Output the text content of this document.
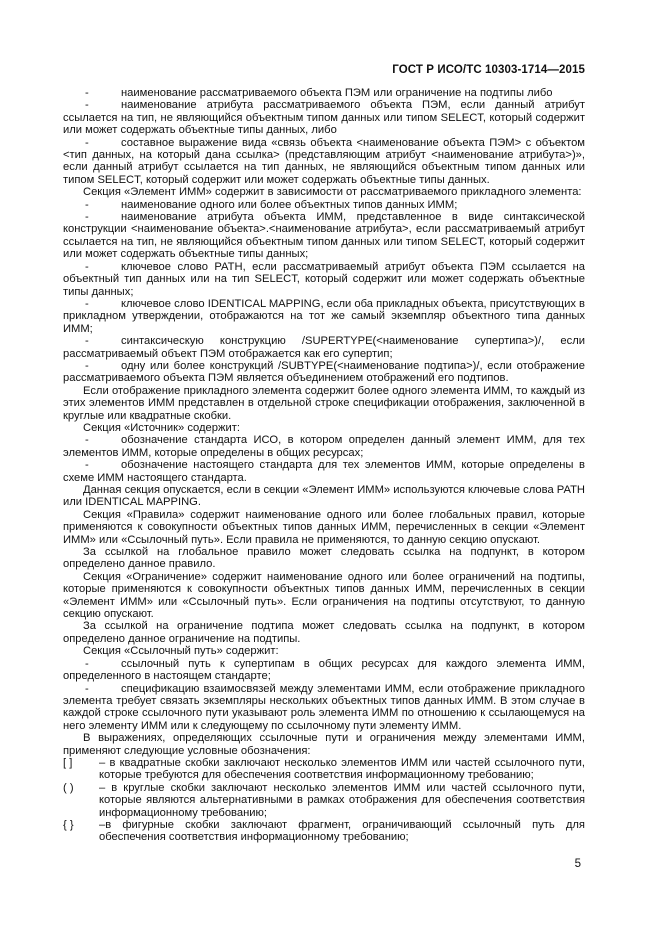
ГОСТ Р ИСО/ТС 10303-1714—2015

-	наименование рассматриваемого объекта ПЭМ или ограничение на подтипы либо

-	наименование атрибута рассматриваемого объекта ПЭМ, если данный атрибут ссылается на тип, не являющийся объектным типом данных или типом SELECT, который содержит или может содержать объектные типы данных, либо

-	составное выражение вида «связь объекта <наименование объекта ПЭМ> с объектом <тип данных, на который дана ссылка> (представляющим атрибут <наименование атрибута>)», если данный атрибут ссылается на тип данных, не являющийся объектным типом данных или типом SELECT, который содержит или может содержать объектные типы данных.

Секция «Элемент ИММ» содержит в зависимости от рассматриваемого прикладного элемента:

-	наименование одного или более объектных типов данных ИММ;

-	наименование атрибута объекта ИММ, представленное в виде синтаксической конструкции <наименование объекта>.<наименование атрибута>, если рассматриваемый атрибут ссылается на тип, не являющийся объектным типом данных или типом SELECT, который содержит или может содержать объектные типы данных;

-	ключевое слово PATH, если рассматриваемый атрибут объекта ПЭМ ссылается на объектный тип данных или на тип SELECT, который содержит или может содержать объектные типы данных;

-	ключевое слово IDENTICAL MAPPING, если оба прикладных объекта, присутствующих в прикладном утверждении, отображаются на тот же самый экземпляр объектного типа данных ИММ;

-	синтаксическую конструкцию /SUPERTYPE(<наименование супертипа>)/, если рассматриваемый объект ПЭМ отображается как его супертип;

-	одну или более конструкций /SUBTYPE(<наименование подтипа>)/, если отображение рассматриваемого объекта ПЭМ является объединением отображений его подтипов.

Если отображение прикладного элемента содержит более одного элемента ИММ, то каждый из этих элементов ИММ представлен в отдельной строке спецификации отображения, заключенной в круглые или квадратные скобки.

Секция «Источник» содержит:

-	обозначение стандарта ИСО, в котором определен данный элемент ИММ, для тех элементов ИММ, которые определены в общих ресурсах;

-	обозначение настоящего стандарта для тех элементов ИММ, которые определены в схеме ИММ настоящего стандарта.

Данная секция опускается, если в секции «Элемент ИММ» используются ключевые слова PATH или IDENTICAL MAPPING.

Секция «Правила» содержит наименование одного или более глобальных правил, которые применяются к совокупности объектных типов данных ИММ, перечисленных в секции «Элемент ИММ» или «Ссылочный путь». Если правила не применяются, то данную секцию опускают.

За ссылкой на глобальное правило может следовать ссылка на подпункт, в котором определено данное правило.

Секция «Ограничение» содержит наименование одного или более ограничений на подтипы, которые применяются к совокупности объектных типов данных ИММ, перечисленных в секции «Элемент ИММ» или «Ссылочный путь». Если ограничения на подтипы отсутствуют, то данную секцию опускают.

За ссылкой на ограничение подтипа может следовать ссылка на подпункт, в котором определено данное ограничение на подтипы.

Секция «Ссылочный путь» содержит:

-	ссылочный путь к супертипам в общих ресурсах для каждого элемента ИММ, определенного в настоящем стандарте;

-	спецификацию взаимосвязей между элементами ИММ, если отображение прикладного элемента требует связать экземпляры нескольких объектных типов данных ИММ. В этом случае в каждой строке ссылочного пути указывают роль элемента ИММ по отношению к ссылающемуся на него элементу ИММ или к следующему по ссылочному пути элементу ИММ.

В выражениях, определяющих ссылочные пути и ограничения между элементами ИММ, применяют следующие условные обозначения:

[ ]	– в квадратные скобки заключают несколько элементов ИММ или частей ссылочного пути, которые требуются для обеспечения соответствия информационному требованию;
( )	– в круглые скобки заключают несколько элементов ИММ или частей ссылочного пути, которые являются альтернативными в рамках отображения для обеспечения соответствия информационному требованию;
{ }	–в фигурные скобки заключают фрагмент, ограничивающий ссылочный путь для обеспечения соответствия информационному требованию;
5
